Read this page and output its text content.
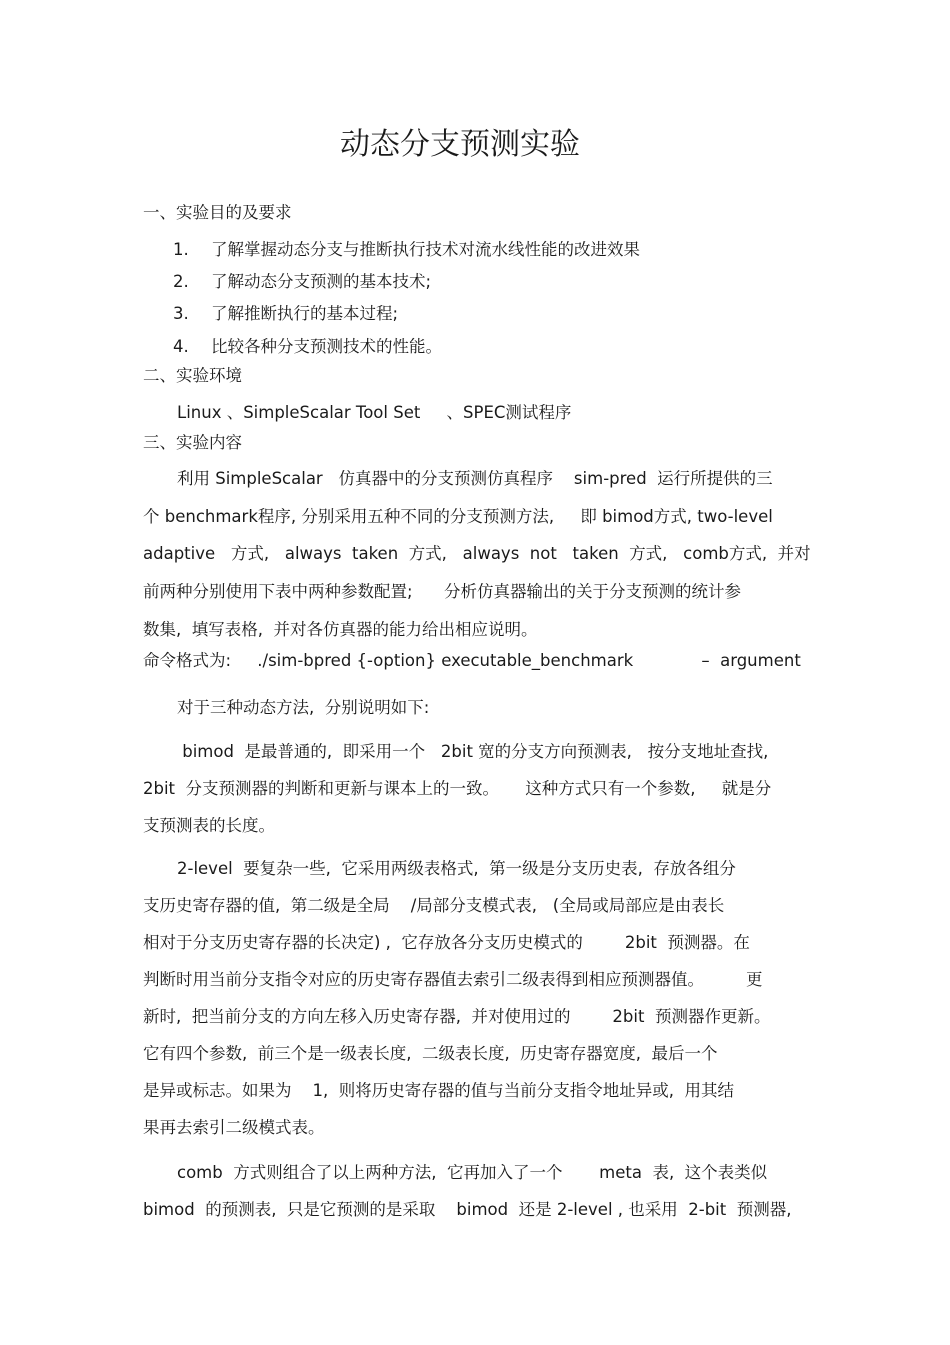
动态分支预测实验
一、实验目的及要求
1.	了解掌握动态分支与推断执行技术对流水线性能的改进效果
2.	了解动态分支预测的基本技术;
3.	了解推断执行的基本过程;
4.	比较各种分支预测技术的性能。
二、实验环境
Linux 、SimpleScalar Tool Set     、SPEC测试程序
三、实验内容
利用 SimpleScalar   仿真器中的分支预测仿真程序    sim-pred  运行所提供的三
个 benchmark程序, 分别采用五种不同的分支预测方法,     即 bimod方式, two-level
adaptive   方式,   always  taken  方式,   always  not   taken  方式,   comb方式,  并对
前两种分别使用下表中两种参数配置;      分析仿真器输出的关于分支预测的统计参
数集,  填写表格,  并对各仿真器的能力给出相应说明。
命令格式为:     ./sim-bpred {-option} executable_benchmark             –  argument
对于三种动态方法,  分别说明如下:
bimod  是最普通的,  即采用一个   2bit 宽的分支方向预测表,   按分支地址查找,
2bit  分支预测器的判断和更新与课本上的一致。     这种方式只有一个参数,     就是分
支预测表的长度。
2-level  要复杂一些,  它采用两级表格式,  第一级是分支历史表,  存放各组分
支历史寄存器的值,  第二级是全局    /局部分支模式表,   (全局或局部应是由表长
相对于分支历史寄存器的长决定) ,  它存放各分支历史模式的        2bit  预测器。在
判断时用当前分支指令对应的历史寄存器值去索引二级表得到相应预测器值。        更
新时,  把当前分支的方向左移入历史寄存器,  并对使用过的        2bit  预测器作更新。
它有四个参数,  前三个是一级表长度,  二级表长度,  历史寄存器宽度,  最后一个
是异或标志。如果为    1,  则将历史寄存器的值与当前分支指令地址异或,  用其结
果再去索引二级模式表。
comb  方式则组合了以上两种方法,  它再加入了一个       meta  表,  这个表类似
bimod  的预测表,  只是它预测的是采取    bimod  还是 2-level , 也采用  2-bit  预测器,
